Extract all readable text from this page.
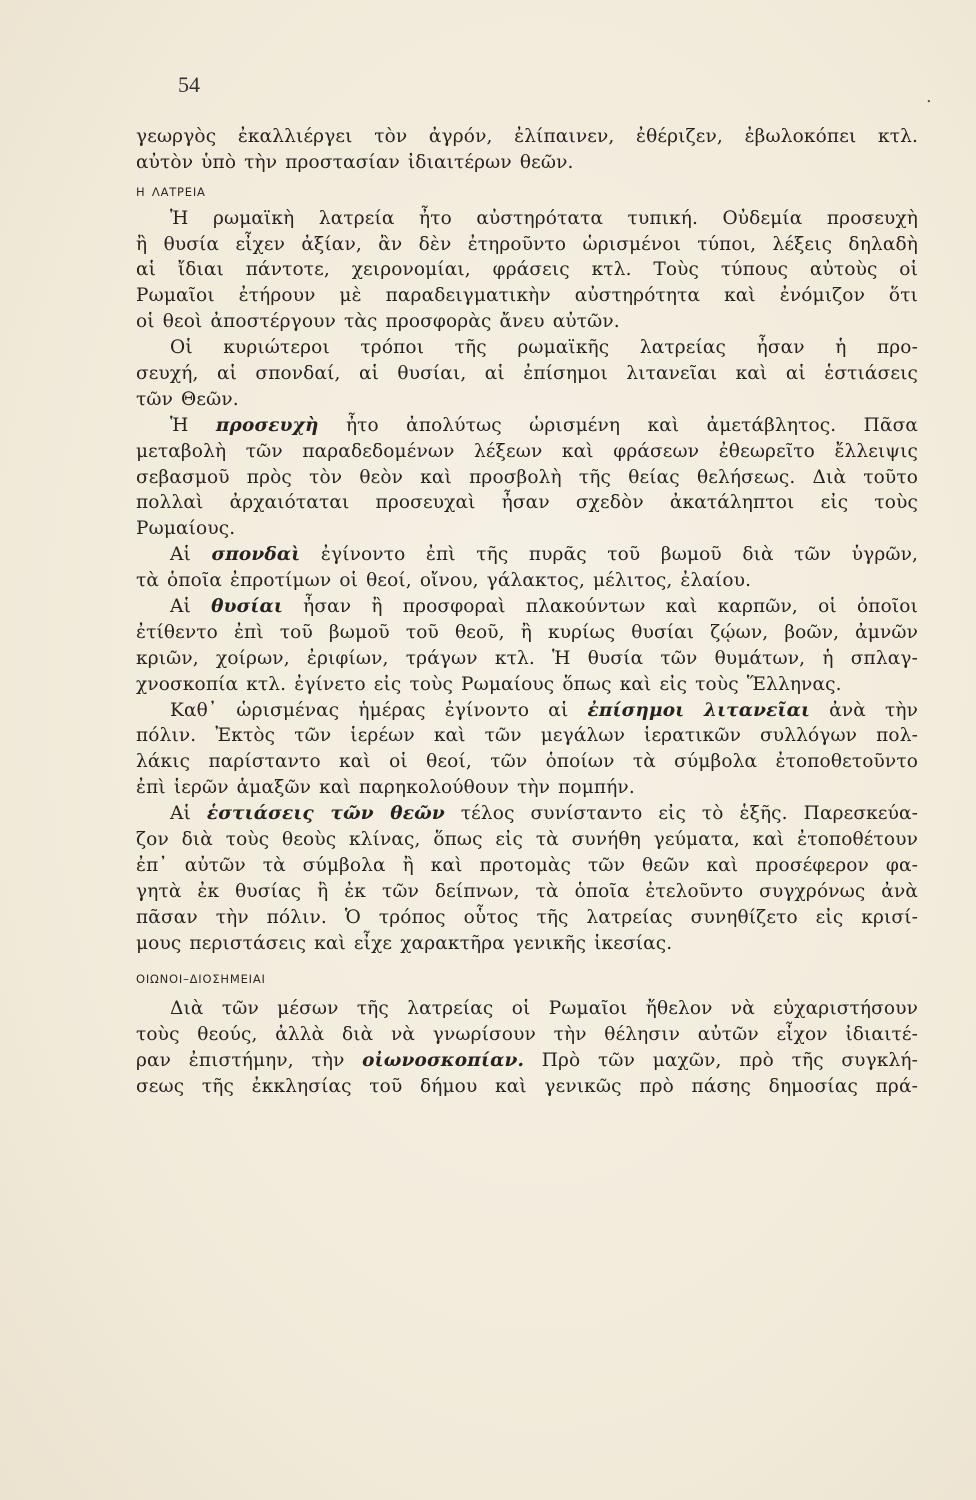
54	.
γεωργὸς ἐκαλλιέργει τὸν ἀγρόν, ἐλίπαινεν, ἐθέριζεν, ἐβωλοκόπει κτλ.
αὐτὸν ὑπὸ τὴν προστασίαν ἰδιαιτέρων θεῶν.
Η ΛΑΤΡΕΙΑ
Ἡ ρωμαϊκὴ λατρεία ἦτο αὐστηρότατα τυπική. Οὐδεμία προσευχὴ
ἢ θυσία εἶχεν ἀξίαν, ἂν δὲν ἐτηροῦντο ὡρισμένοι τύποι, λέξεις δηλαδὴ
αἱ ἴδιαι πάντοτε, χειρονομίαι, φράσεις κτλ. Τοὺς τύπους αὐτοὺς οἱ
Ρωμαῖοι ἐτήρουν μὲ παραδειγματικὴν αὐστηρότητα καὶ ἐνόμιζον ὅτι
οἱ θεοὶ ἀποστέργουν τὰς προσφορὰς ἄνευ αὐτῶν.
Οἱ κυριώτεροι τρόποι τῆς ρωμαϊκῆς λατρείας ἦσαν ἡ προ-
σευχή, αἱ σπονδαί, αἱ θυσίαι, αἱ ἐπίσημοι λιτανεῖαι καὶ αἱ ἑστιάσεις
τῶν Θεῶν.
Ἡ προσευχὴ ἦτο ἀπολύτως ὡρισμένη καὶ ἀμετάβλητος. Πᾶσα
μεταβολὴ τῶν παραδεδομένων λέξεων καὶ φράσεων ἐθεωρεῖτο ἔλλειψις
σεβασμοῦ πρὸς τὸν θεὸν καὶ προσβολὴ τῆς θείας θελήσεως. Διὰ τοῦτο
πολλαὶ ἀρχαιόταται προσευχαὶ ἦσαν σχεδὸν ἀκατάληπτοι εἰς τοὺς
Ρωμαίους.
Αἱ σπονδαὶ ἐγίνοντο ἐπὶ τῆς πυρᾶς τοῦ βωμοῦ διὰ τῶν ὑγρῶν,
τὰ ὁποῖα ἐπροτίμων οἱ θεοί, οἴνου, γάλακτος, μέλιτος, ἐλαίου.
Αἱ θυσίαι ἦσαν ἢ προσφοραὶ πλακούντων καὶ καρπῶν, οἱ ὁποῖοι
ἐτίθεντο ἐπὶ τοῦ βωμοῦ τοῦ θεοῦ, ἢ κυρίως θυσίαι ζῴων, βοῶν, ἀμνῶν
κριῶν, χοίρων, ἐριφίων, τράγων κτλ. Ἡ θυσία τῶν θυμάτων, ἡ σπλαγ-
χνοσκοπία κτλ. ἐγίνετο εἰς τοὺς Ρωμαίους ὅπως καὶ εἰς τοὺς Ἕλληνας.
Καθ᾽ ὡρισμένας ἡμέρας ἐγίνοντο αἱ ἐπίσημοι λιτανεῖαι ἀνὰ τὴν
πόλιν. Ἐκτὸς τῶν ἱερέων καὶ τῶν μεγάλων ἱερατικῶν συλλόγων πολ-
λάκις παρίσταντο καὶ οἱ θεοί, τῶν ὁποίων τὰ σύμβολα ἐτοποθετοῦντο
ἐπὶ ἱερῶν ἁμαξῶν καὶ παρηκολούθουν τὴν πομπήν.
Αἱ ἑστιάσεις τῶν θεῶν τέλος συνίσταντο εἰς τὸ ἑξῆς. Παρεσκεύα-
ζον διὰ τοὺς θεοὺς κλίνας, ὅπως εἰς τὰ συνήθη γεύματα, καὶ ἐτοποθέτουν
ἐπ᾽ αὐτῶν τὰ σύμβολα ἢ καὶ προτομὰς τῶν θεῶν καὶ προσέφερον φα-
γητὰ ἐκ θυσίας ἢ ἐκ τῶν δείπνων, τὰ ὁποῖα ἐτελοῦντο συγχρόνως ἀνὰ
πᾶσαν τὴν πόλιν. Ὁ τρόπος οὗτος τῆς λατρείας συνηθίζετο εἰς κρισί-
μους περιστάσεις καὶ εἶχε χαρακτῆρα γενικῆς ἱκεσίας.
ΟΙΩΝΟΙ–ΔΙΟΣΗΜΕΙΑΙ
Διὰ τῶν μέσων τῆς λατρείας οἱ Ρωμαῖοι ἤθελον νὰ εὐχαριστήσουν
τοὺς θεούς, ἀλλὰ διὰ νὰ γνωρίσουν τὴν θέλησιν αὐτῶν εἶχον ἰδιαιτέ-
ραν ἐπιστήμην, τὴν οἰωνοσκοπίαν. Πρὸ τῶν μαχῶν, πρὸ τῆς συγκλή-
σεως τῆς ἐκκλησίας τοῦ δήμου καὶ γενικῶς πρὸ πάσης δημοσίας πρά-
